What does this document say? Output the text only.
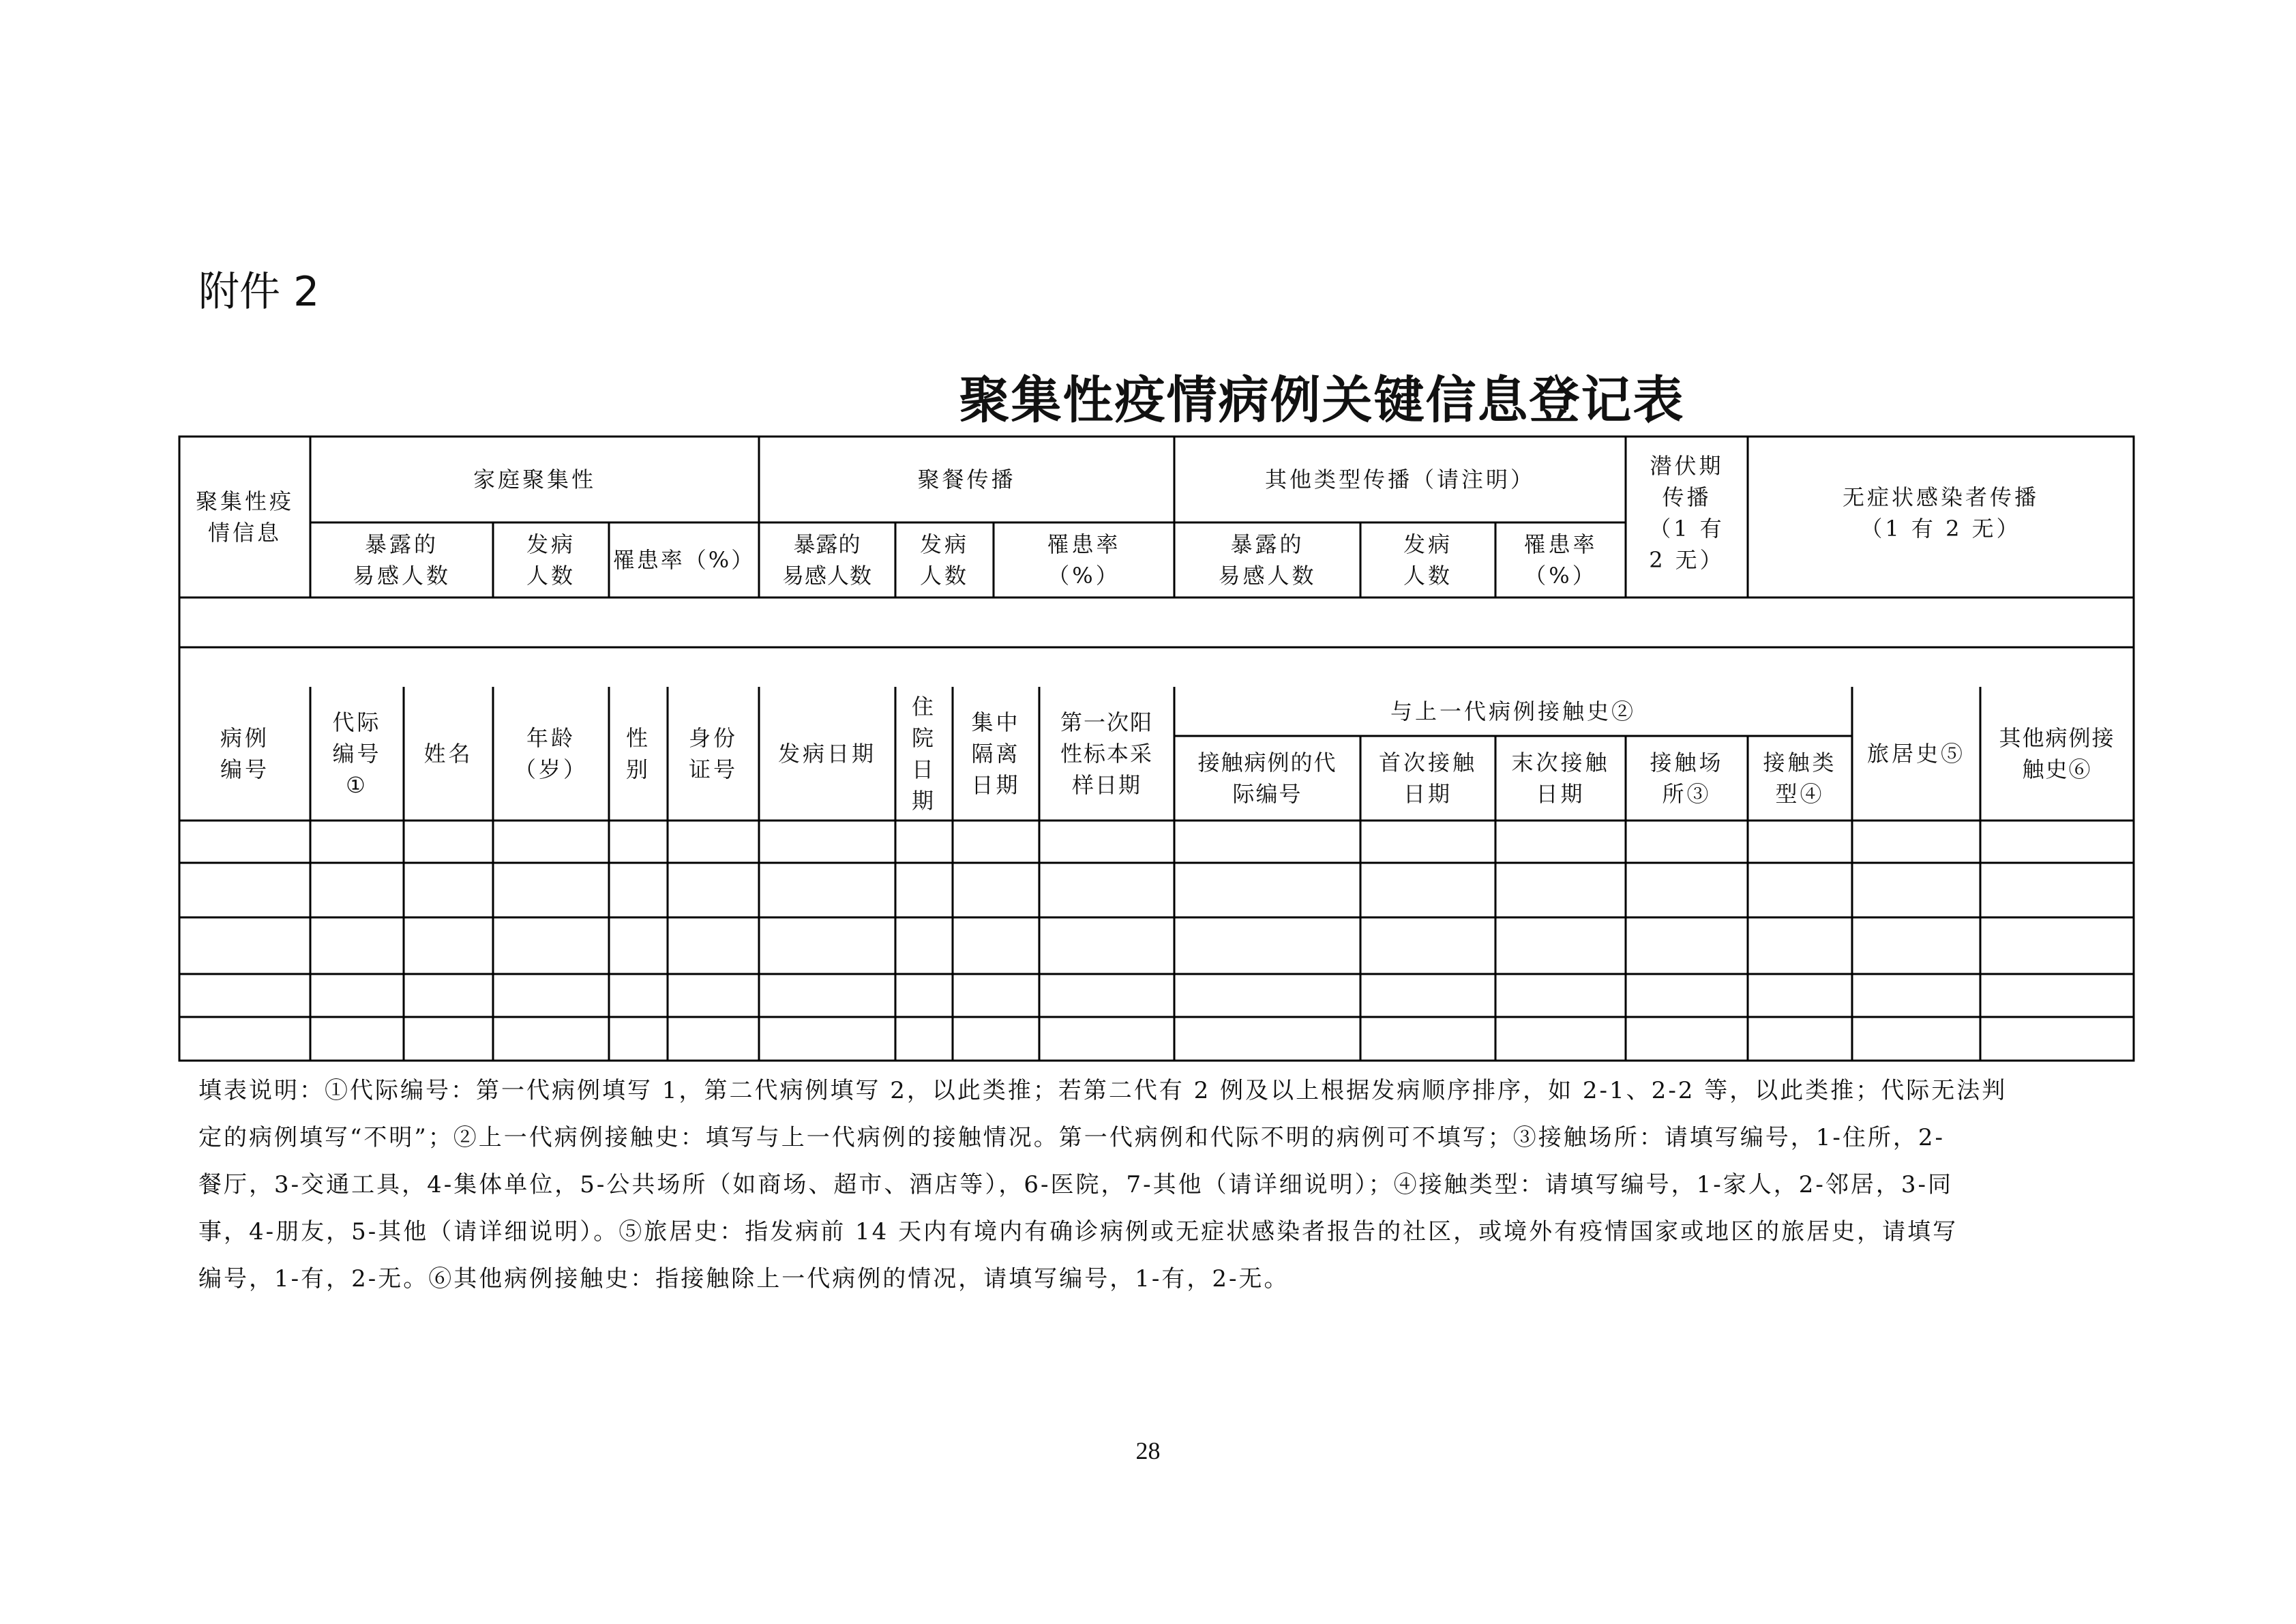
附件 2
聚集性疫情病例关键信息登记表
聚集性疫
情信息
家庭聚集性	聚餐传播	其他类型传播（请注明）
潜伏期
传播
（1 有
2 无）
无症状感染者传播
（1 有 2 无）
暴露的
易感人数
发病
人数
罹患率（%）
暴露的
易感人数
发病
人数
罹患率
（%）
暴露的
易感人数
发病
人数
罹患率
（%）
病例
编号
代际
编号
①
姓名
年龄
（岁）
性
别
身份
证号
发病日期
住
院
日
期
集中
隔离
日期
第一次阳
性标本采
样日期
与上一代病例接触史②
接触病例的代
际编号
首次接触
日期
末次接触
日期
接触场
所③
接触类
型④
旅居史⑤
其他病例接
触史⑥

填表说明：①代际编号：第一代病例填写 1，第二代病例填写 2，以此类推；若第二代有 2 例及以上根据发病顺序排序，如 2-1、2-2 等，以此类推；代际无法判

定的病例填写“不明”；②上一代病例接触史：填写与上一代病例的接触情况。第一代病例和代际不明的病例可不填写；③接触场所：请填写编号，1-住所，2-

餐厅，3-交通工具，4-集体单位，5-公共场所（如商场、超市、酒店等），6-医院，7-其他（请详细说明）；④接触类型：请填写编号，1-家人，2-邻居，3-同

事，4-朋友，5-其他（请详细说明）。⑤旅居史：指发病前 14 天内有境内有确诊病例或无症状感染者报告的社区，或境外有疫情国家或地区的旅居史，请填写

编号，1-有，2-无。⑥其他病例接触史：指接触除上一代病例的情况，请填写编号，1-有，2-无。

28
